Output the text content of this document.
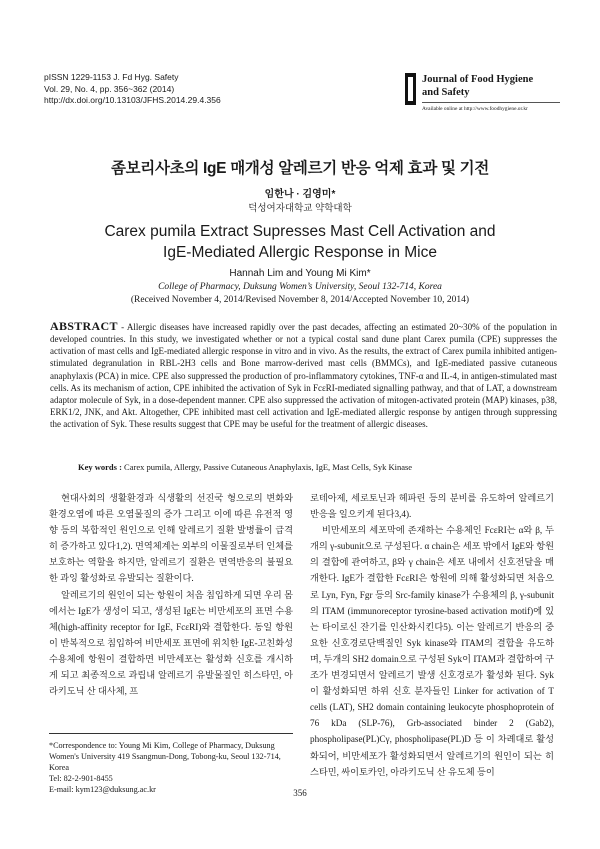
pISSN 1229-1153 J. Fd Hyg. Safety
Vol. 29, No. 4, pp. 356~362 (2014)
http://dx.doi.org/10.13103/JFHS.2014.29.4.356
Journal of Food Hygiene
and Safety
Available online at http://www.foodhygiene.or.kr
좀보리사초의 IgE 매개성 알레르기 반응 억제 효과 및 기전
임한나 · 김영미*
덕성여자대학교 약학대학
Carex pumila Extract Supresses Mast Cell Activation and
IgE-Mediated Allergic Response in Mice
Hannah Lim and Young Mi Kim*
College of Pharmacy, Duksung Women’s University, Seoul 132-714, Korea
(Received November 4, 2014/Revised November 8, 2014/Accepted November 10, 2014)
ABSTRACT - Allergic diseases have increased rapidly over the past decades, affecting an estimated 20~30% of the population in developed countries. In this study, we investigated whether or not a typical costal sand dune plant Carex pumila (CPE) suppresses the activation of mast cells and IgE-mediated allergic response in vitro and in vivo. As the results, the extract of Carex pumila inhibited antigen-stimulated degranulation in RBL-2H3 cells and Bone marrow-derived mast cells (BMMCs), and IgE-mediated passive cutaneous anaphylaxis (PCA) in mice. CPE also suppressed the production of pro-inflammatory cytokines, TNF-α and IL-4, in antigen-stimulated mast cells. As its mechanism of action, CPE inhibited the activation of Syk in FcεRI-mediated signalling pathway, and that of LAT, a downstream adaptor molecule of Syk, in a dose-dependent manner. CPE also suppressed the activation of mitogen-activated protein (MAP) kinases, p38, ERK1/2, JNK, and Akt. Altogether, CPE inhibited mast cell activation and IgE-mediated allergic response by antigen through suppressing the activation of Syk. These results suggest that CPE may be useful for the treatment of allergic diseases.
Key words : Carex pumila, Allergy, Passive Cutaneous Anaphylaxis, IgE, Mast Cells, Syk Kinase

현대사회의 생활환경과 식생활의 선진국 형으로의 변화와 환경오염에 따른 오염물질의 증가 그리고 이에 따른 유전적 영향 등의 복합적인 원인으로 인해 알레르기 질환 발병률이 급격히 증가하고 있다1,2). 면역체계는 외부의 이물질로부터 인체를 보호하는 역할을 하지만, 알레르기 질환은 면역반응의 불필요한 과잉 활성화로 유발되는 질환이다.

알레르기의 원인이 되는 항원이 처음 침입하게 되면 우리 몸에서는 IgE가 생성이 되고, 생성된 IgE는 비만세포의 표면 수용체(high-affinity receptor for IgE, FcεRI)와 결합한다. 동일 항원이 반복적으로 침입하여 비만세포 표면에 위치한 IgE-고친화성 수용체에 항원이 결합하면 비만세포는 활성화 신호를 개시하게 되고 최종적으로 과립내 알레르기 유발물질인 히스타민, 아라키도닉 산 대사체, 프

로테아제, 세로토닌과 헤파린 등의 분비를 유도하여 알레르기 반응을 일으키게 된다3,4).

비만세포의 세포막에 존재하는 수용체인 FcεRI는 α와 β, 두개의 γ-subunit으로 구성된다. α chain은 세포 밖에서 IgE와 항원의 결합에 관여하고, β와 γ chain은 세포 내에서 신호전달을 매개한다. IgE가 결합한 FcεRI은 항원에 의해 활성화되면 처음으로 Lyn, Fyn, Fgr 등의 Src-family kinase가 수용체의 β, γ-subunit의 ITAM (immunoreceptor tyrosine-based activation motif)에 있는 타이로신 잔기를 인산화시킨다5). 이는 알레르기 반응의 중요한 신호경로단백질인 Syk kinase와 ITAM의 결합을 유도하며, 두개의 SH2 domain으로 구성된 Syk이 ITAM과 결합하여 구조가 변경되면서 알레르기 발생 신호경로가 활성화 된다. Syk이 활성화되면 하위 신호 분자들인 Linker for activation of T cells (LAT), SH2 domain containing leukocyte phosphoprotein of 76 kDa (SLP-76), Grb-associated binder 2 (Gab2), phospholipase(PL)Cγ, phospholipase(PL)D 등 이 차례대로 활성화되어, 비만세포가 활성화되면서 알레르기의 원인이 되는 히스타민, 싸이토카인, 아라키도닉 산 유도체 등이

*Correspondence to: Young Mi Kim, College of Pharmacy, Duksung Women's University 419 Ssangmun-Dong, Tobong-ku, Seoul 132-714, Korea
Tel: 82-2-901-8455
E-mail: kym123@duksung.ac.kr	356
